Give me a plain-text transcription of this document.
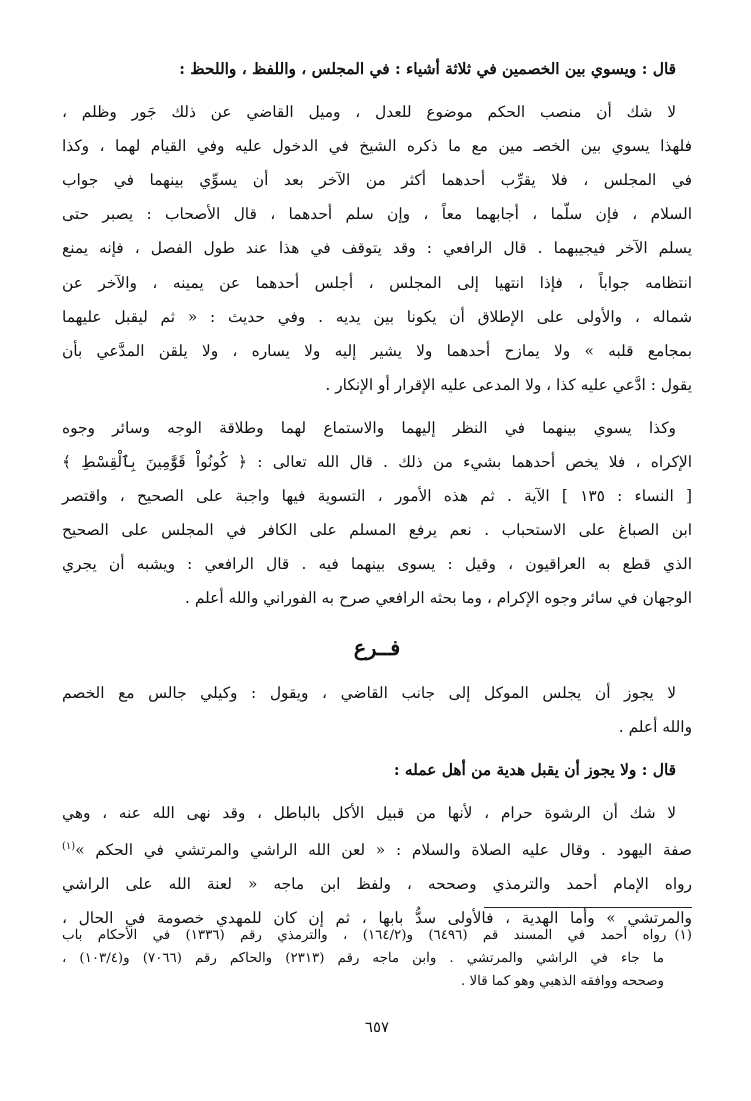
قال : ويسوي بين الخصمين في ثلاثة أشياء : في المجلس ، واللفظ ، واللحظ :
لا شك أن منصب الحكم موضوع للعدل ، وميل القاضي عن ذلك جَور وظلم ،
فلهذا يسوي بين الخصـ مين مع ما ذكره الشيخ في الدخول عليه وفي القيام لهما ، وكذا
في المجلس ، فلا يقرِّب أحدهما أكثر من الآخر بعد أن يسوِّي بينهما في جواب
السلام ، فإن سلّما ، أجابهما معاً ، وإن سلم أحدهما ، قال الأصحاب : يصبر حتى
يسلم الآخر فيجيبهما . قال الرافعي : وقد يتوقف في هذا عند طول الفصل ، فإنه يمنع
انتظامه جواباً ، فإذا انتهيا إلى المجلس ، أجلس أحدهما عن يمينه ، والآخر عن
شماله ، والأولى على الإطلاق أن يكونا بين يديه . وفي حديث : « ثم ليقبل عليهما
بمجامع قلبه » ولا يمازح أحدهما ولا يشير إليه ولا يساره ، ولا يلقن المدَّعي بأن
يقول : ادَّعي عليه كذا ، ولا المدعى عليه الإقرار أو الإنكار .
وكذا يسوي بينهما في النظر إليهما والاستماع لهما وطلاقة الوجه وسائر وجوه
الإكراه ، فلا يخص أحدهما بشيء من ذلك . قال الله تعالى : ﴿ كُونُواْ قَوَّٰمِينَ بِٱلْقِسْطِ ﴾
[ النساء : ١٣٥ ] الآية . ثم هذه الأمور ، التسوية فيها واجبة على الصحيح ، واقتصر
ابن الصباغ على الاستحباب . نعم يرفع المسلم على الكافر في المجلس على الصحيح
الذي قطع به العراقيون ، وقيل : يسوى بينهما فيه . قال الرافعي : ويشبه أن يجري
الوجهان في سائر وجوه الإكرام ، وما بحثه الرافعي صرح به الفوراني والله أعلم .
فــرع
لا يجوز أن يجلس الموكل إلى جانب القاضي ، ويقول : وكيلي جالس مع الخصم
والله أعلم .
قال : ولا يجوز أن يقبل هدية من أهل عمله :
لا شك أن الرشوة حرام ، لأنها من قبيل الأكل بالباطل ، وقد نهى الله عنه ، وهي
صفة اليهود . وقال عليه الصلاة والسلام : « لعن الله الراشي والمرتشي في الحكم »$^{(١)}$
رواه الإمام أحمد والترمذي وصححه ، ولفظ ابن ماجه « لعنة الله على الراشي
والمرتشي » وأما الهدية ، فالأولى سدُّ بابها ، ثم إن كان للمهدي خصومة في الحال ،
(١)رواه أحمد في المسند قم (٦٤٩٦) و(١٦٤/٢) ، والترمذي رقم (١٣٣٦) في الأحكام باب
ما جاء في الراشي والمرتشي . وابن ماجه رقم (٢٣١٣) والحاكم رقم (٧٠٦٦) و(١٠٣/٤) ،
وصححه ووافقه الذهبي وهو كما قالا .
٦٥٧
